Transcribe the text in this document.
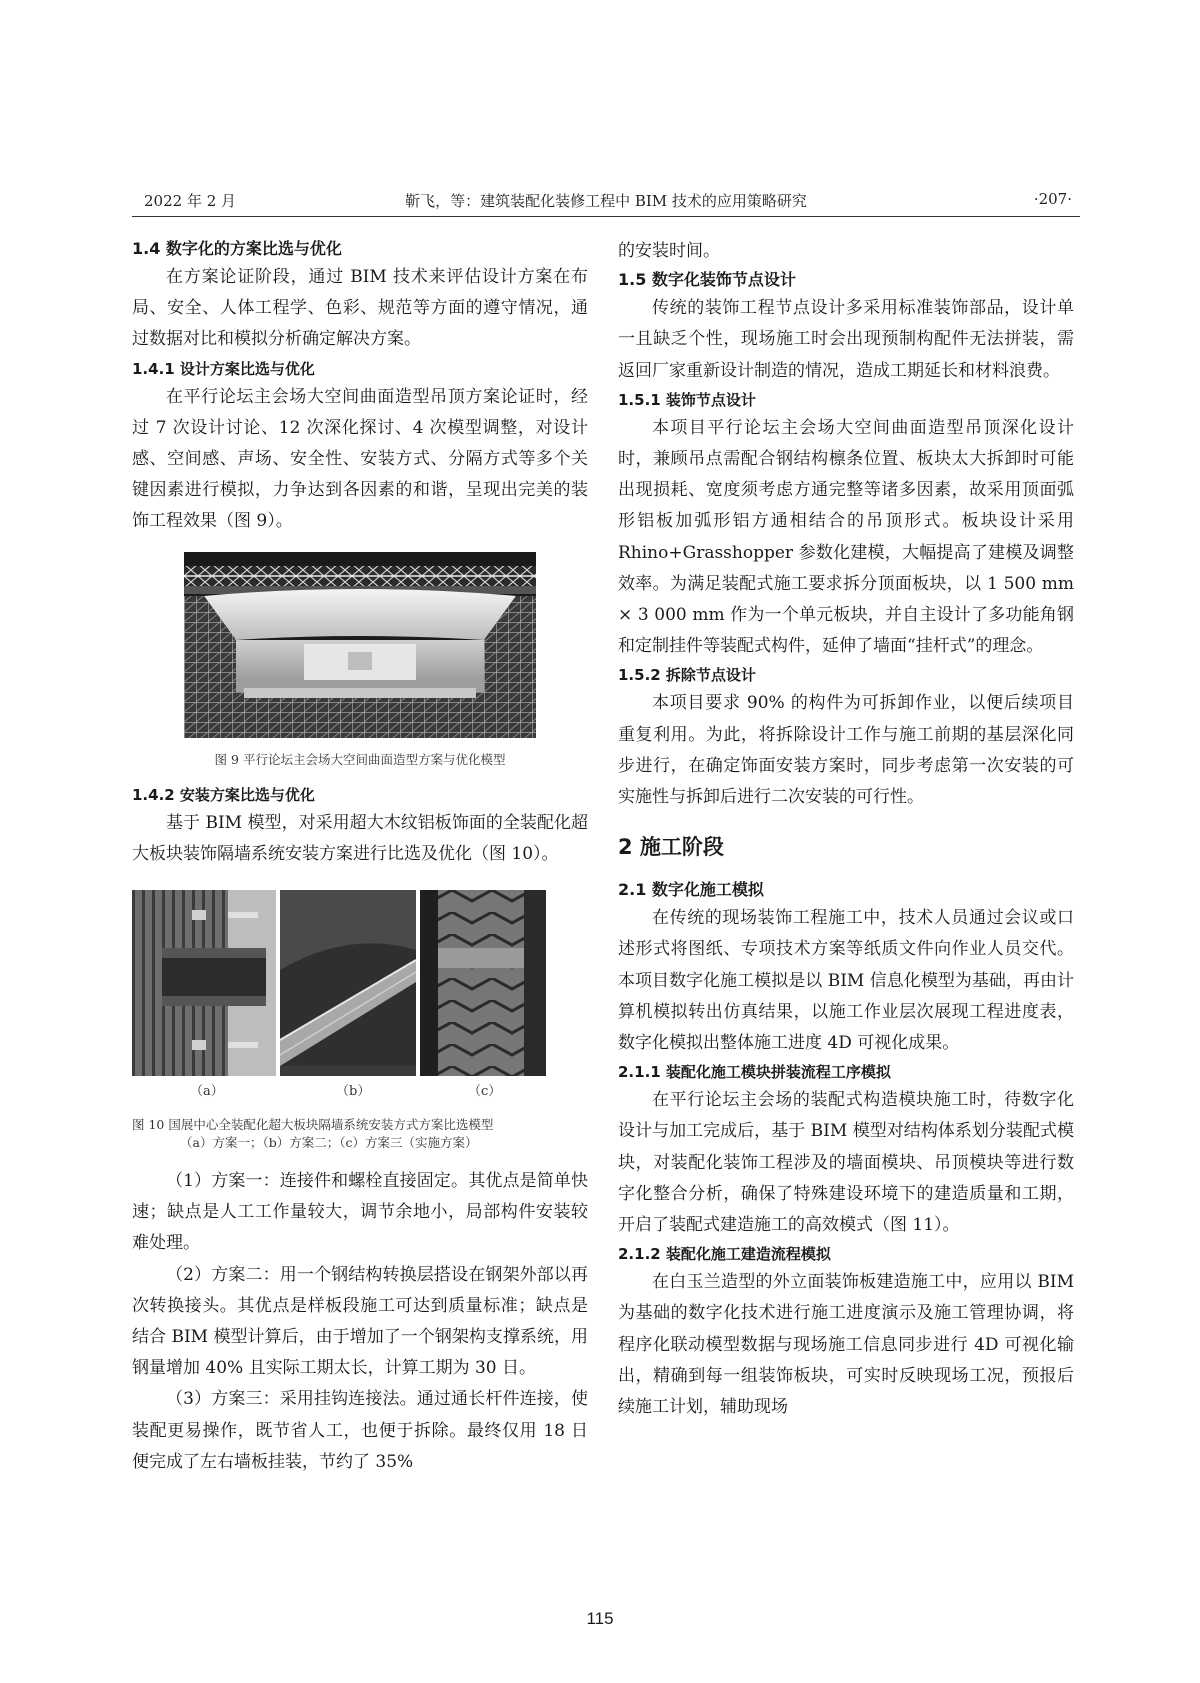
2022 年 2 月	靳飞，等：建筑装配化装修工程中 BIM 技术的应用策略研究	·207·
1.4 数字化的方案比选与优化

在方案论证阶段，通过 BIM 技术来评估设计方案在布局、安全、人体工程学、色彩、规范等方面的遵守情况，通过数据对比和模拟分析确定解决方案。

1.4.1 设计方案比选与优化

在平行论坛主会场大空间曲面造型吊顶方案论证时，经过 7 次设计讨论、12 次深化探讨、4 次模型调整，对设计感、空间感、声场、安全性、安装方式、分隔方式等多个关键因素进行模拟，力争达到各因素的和谐，呈现出完美的装饰工程效果（图 9）。

图 9 平行论坛主会场大空间曲面造型方案与优化模型

1.4.2 安装方案比选与优化

基于 BIM 模型，对采用超大木纹铝板饰面的全装配化超大板块装饰隔墙系统安装方案进行比选及优化（图 10）。

（a）	（b）	（c）
图 10 国展中心全装配化超大板块隔墙系统安装方式方案比选模型
（a）方案一；（b）方案二；（c）方案三（实施方案）

（1）方案一：连接件和螺栓直接固定。其优点是简单快速；缺点是人工工作量较大，调节余地小，局部构件安装较难处理。

（2）方案二：用一个钢结构转换层搭设在钢架外部以再次转换接头。其优点是样板段施工可达到质量标准；缺点是结合 BIM 模型计算后，由于增加了一个钢架构支撑系统，用钢量增加 40% 且实际工期太长，计算工期为 30 日。

（3）方案三：采用挂钩连接法。通过通长杆件连接，使装配更易操作，既节省人工，也便于拆除。最终仅用 18 日便完成了左右墙板挂装，节约了 35%

的安装时间。

1.5 数字化装饰节点设计

传统的装饰工程节点设计多采用标准装饰部品，设计单一且缺乏个性，现场施工时会出现预制构配件无法拼装，需返回厂家重新设计制造的情况，造成工期延长和材料浪费。

1.5.1 装饰节点设计

本项目平行论坛主会场大空间曲面造型吊顶深化设计时，兼顾吊点需配合钢结构檩条位置、板块太大拆卸时可能出现损耗、宽度须考虑方通完整等诸多因素，故采用顶面弧形铝板加弧形铝方通相结合的吊顶形式。板块设计采用 Rhino+Grasshopper 参数化建模，大幅提高了建模及调整效率。为满足装配式施工要求拆分顶面板块，以 1 500 mm × 3 000 mm 作为一个单元板块，并自主设计了多功能角钢和定制挂件等装配式构件，延伸了墙面“挂杆式”的理念。

1.5.2 拆除节点设计

本项目要求 90% 的构件为可拆卸作业，以便后续项目重复利用。为此，将拆除设计工作与施工前期的基层深化同步进行，在确定饰面安装方案时，同步考虑第一次安装的可实施性与拆卸后进行二次安装的可行性。

2 施工阶段
2.1 数字化施工模拟

在传统的现场装饰工程施工中，技术人员通过会议或口述形式将图纸、专项技术方案等纸质文件向作业人员交代。本项目数字化施工模拟是以 BIM 信息化模型为基础，再由计算机模拟转出仿真结果，以施工作业层次展现工程进度表，数字化模拟出整体施工进度 4D 可视化成果。

2.1.1 装配化施工模块拼装流程工序模拟

在平行论坛主会场的装配式构造模块施工时，待数字化设计与加工完成后，基于 BIM 模型对结构体系划分装配式模块，对装配化装饰工程涉及的墙面模块、吊顶模块等进行数字化整合分析，确保了特殊建设环境下的建造质量和工期，开启了装配式建造施工的高效模式（图 11）。

2.1.2 装配化施工建造流程模拟

在白玉兰造型的外立面装饰板建造施工中，应用以 BIM 为基础的数字化技术进行施工进度演示及施工管理协调，将程序化联动模型数据与现场施工信息同步进行 4D 可视化输出，精确到每一组装饰板块，可实时反映现场工况，预报后续施工计划，辅助现场

115
